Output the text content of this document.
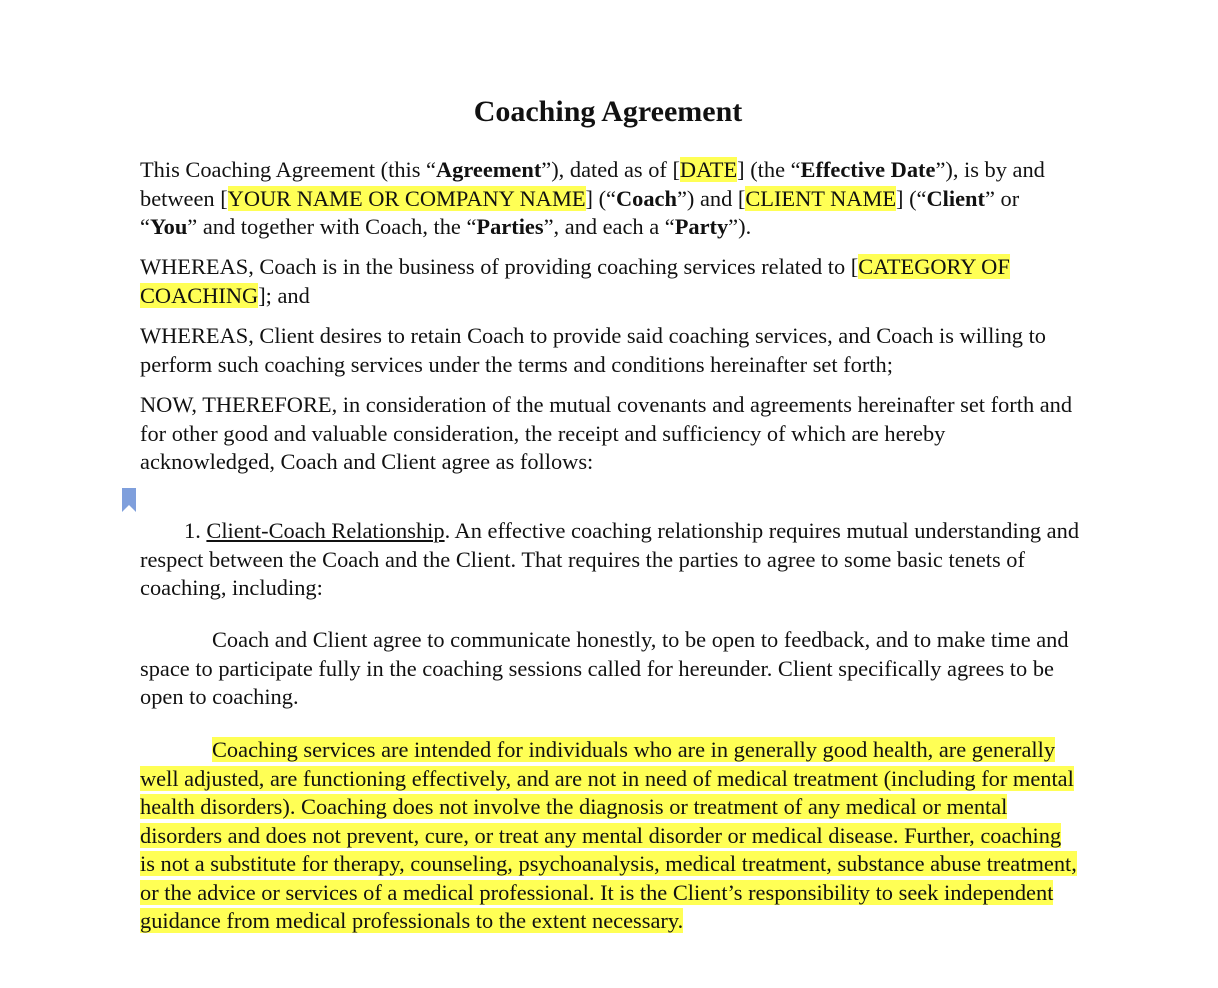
Coaching Agreement

This Coaching Agreement (this “Agreement”), dated as of [DATE] (the “Effective Date”), is by and between [YOUR NAME OR COMPANY NAME] (“Coach”) and [CLIENT NAME] (“Client” or “You” and together with Coach, the “Parties”, and each a “Party”).

WHEREAS, Coach is in the business of providing coaching services related to [CATEGORY OF COACHING]; and

WHEREAS, Client desires to retain Coach to provide said coaching services, and Coach is willing to perform such coaching services under the terms and conditions hereinafter set forth;

NOW, THEREFORE, in consideration of the mutual covenants and agreements hereinafter set forth and for other good and valuable consideration, the receipt and sufficiency of which are hereby acknowledged, Coach and Client agree as follows:

1. Client-Coach Relationship. An effective coaching relationship requires mutual understanding and respect between the Coach and the Client. That requires the parties to agree to some basic tenets of coaching, including:

Coach and Client agree to communicate honestly, to be open to feedback, and to make time and space to participate fully in the coaching sessions called for hereunder. Client specifically agrees to be open to coaching.

Coaching services are intended for individuals who are in generally good health, are generally well adjusted, are functioning effectively, and are not in need of medical treatment (including for mental health disorders). Coaching does not involve the diagnosis or treatment of any medical or mental disorders and does not prevent, cure, or treat any mental disorder or medical disease. Further, coaching is not a substitute for therapy, counseling, psychoanalysis, medical treatment, substance abuse treatment, or the advice or services of a medical professional. It is the Client’s responsibility to seek independent guidance from medical professionals to the extent necessary.
